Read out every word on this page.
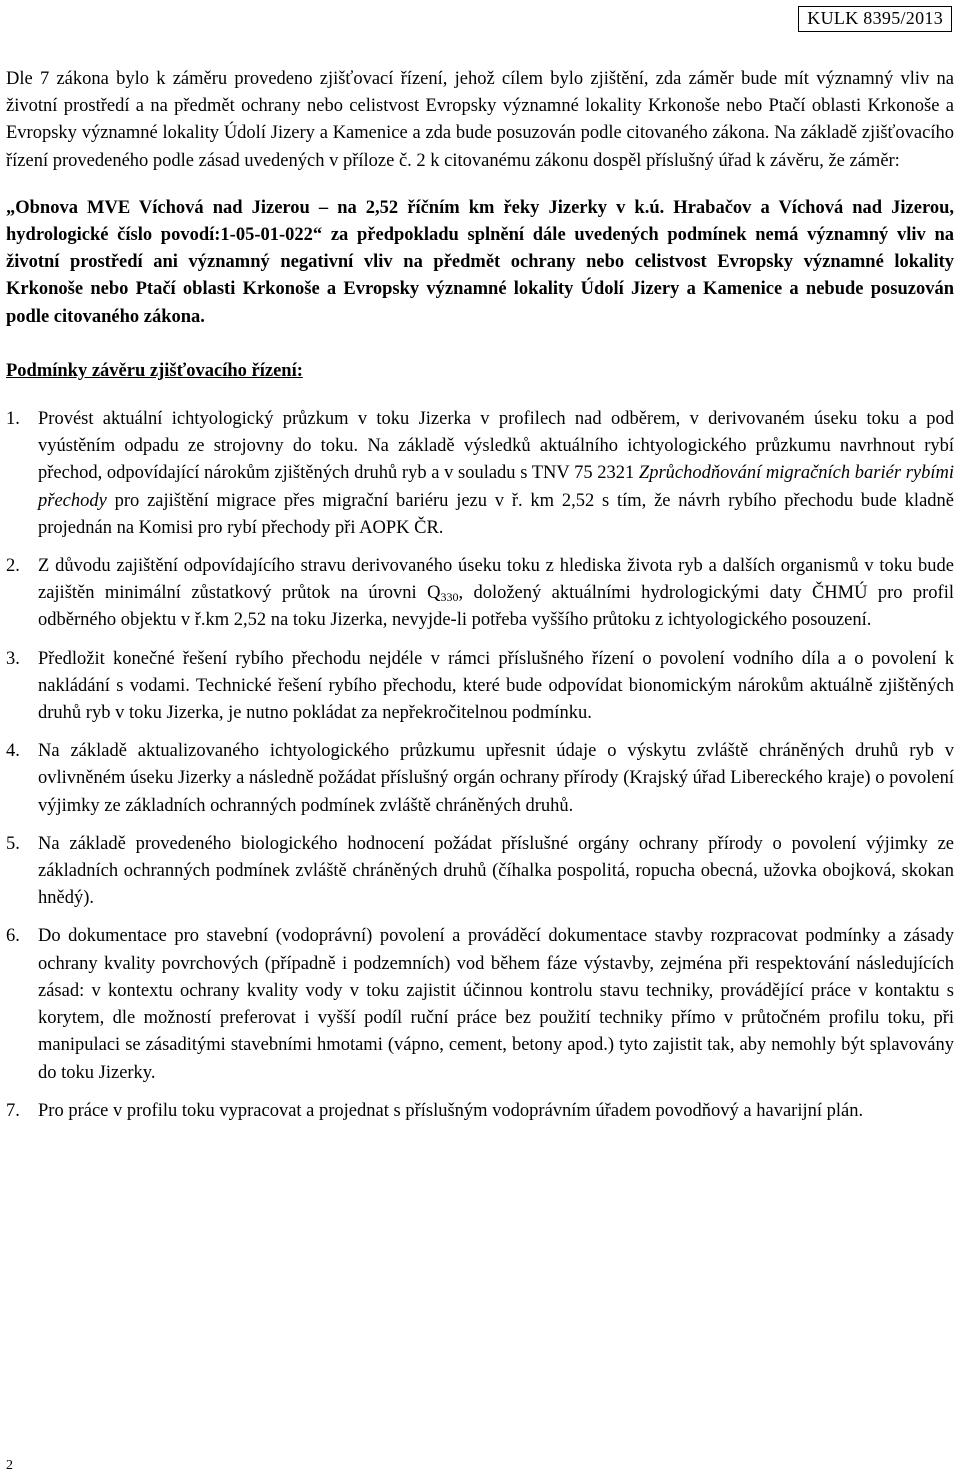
KULK 8395/2013

Dle 7 zákona bylo k záměru provedeno zjišťovací řízení, jehož cílem bylo zjištění, zda záměr bude mít významný vliv na životní prostředí a na předmět ochrany nebo celistvost Evropsky významné lokality Krkonoše nebo Ptačí oblasti Krkonoše a Evropsky významné lokality Údolí Jizery a Kamenice a zda bude posuzován podle citovaného zákona. Na základě zjišťovacího řízení provedeného podle zásad uvedených v příloze č. 2 k citovanému zákonu dospěl příslušný úřad k závěru, že záměr:

„Obnova MVE Víchová nad Jizerou – na 2,52 říčním km řeky Jizerky v k.ú. Hrabačov a Víchová nad Jizerou, hydrologické číslo povodí:1-05-01-022“ za předpokladu splnění dále uvedených podmínek nemá významný vliv na životní prostředí ani významný negativní vliv na předmět ochrany nebo celistvost Evropsky významné lokality Krkonoše nebo Ptačí oblasti Krkonoše a Evropsky významné lokality Údolí Jizery a Kamenice a nebude posuzován podle citovaného zákona.

Podmínky závěru zjišťovacího řízení:

1. Provést aktuální ichtyologický průzkum v toku Jizerka v profilech nad odběrem, v derivovaném úseku toku a pod vyústěním odpadu ze strojovny do toku. Na základě výsledků aktuálního ichtyologického průzkumu navrhnout rybí přechod, odpovídající nárokům zjištěných druhů ryb a v souladu s TNV 75 2321 Zprůchodňování migračních bariér rybími přechody pro zajištění migrace přes migrační bariéru jezu v ř. km 2,52 s tím, že návrh rybího přechodu bude kladně projednán na Komisi pro rybí přechody při AOPK ČR.
2. Z důvodu zajištění odpovídajícího stravu derivovaného úseku toku z hlediska života ryb a dalších organismů v toku bude zajištěn minimální zůstatkový průtok na úrovni $Q_{330}$, doložený aktuálními hydrologickými daty ČHMÚ pro profil odběrného objektu v ř.km 2,52 na toku Jizerka, nevyjde-li potřeba vyššího průtoku z ichtyologického posouzení.
3. Předložit konečné řešení rybího přechodu nejdéle v rámci příslušného řízení o povolení vodního díla a o povolení k nakládání s vodami. Technické řešení rybího přechodu, které bude odpovídat bionomickým nárokům aktuálně zjištěných druhů ryb v toku Jizerka, je nutno pokládat za nepřekročitelnou podmínku.
4. Na základě aktualizovaného ichtyologického průzkumu upřesnit údaje o výskytu zvláště chráněných druhů ryb v ovlivněném úseku Jizerky a následně požádat příslušný orgán ochrany přírody (Krajský úřad Libereckého kraje) o povolení výjimky ze základních ochranných podmínek zvláště chráněných druhů.
5. Na základě provedeného biologického hodnocení požádat příslušné orgány ochrany přírody o povolení výjimky ze základních ochranných podmínek zvláště chráněných druhů (číhalka pospolitá, ropucha obecná, užovka obojková, skokan hnědý).
6. Do dokumentace pro stavební (vodoprávní) povolení a prováděcí dokumentace stavby rozpracovat podmínky a zásady ochrany kvality povrchových (případně i podzemních) vod během fáze výstavby, zejména při respektování následujících zásad: v kontextu ochrany kvality vody v toku zajistit účinnou kontrolu stavu techniky, provádějící práce v kontaktu s korytem, dle možností preferovat i vyšší podíl ruční práce bez použití techniky přímo v průtočném profilu toku, při manipulaci se zásaditými stavebními hmotami (vápno, cement, betony apod.) tyto zajistit tak, aby nemohly být splavovány do toku Jizerky.
7. Pro práce v profilu toku vypracovat a projednat s příslušným vodoprávním úřadem povodňový a havarijní plán.
2
